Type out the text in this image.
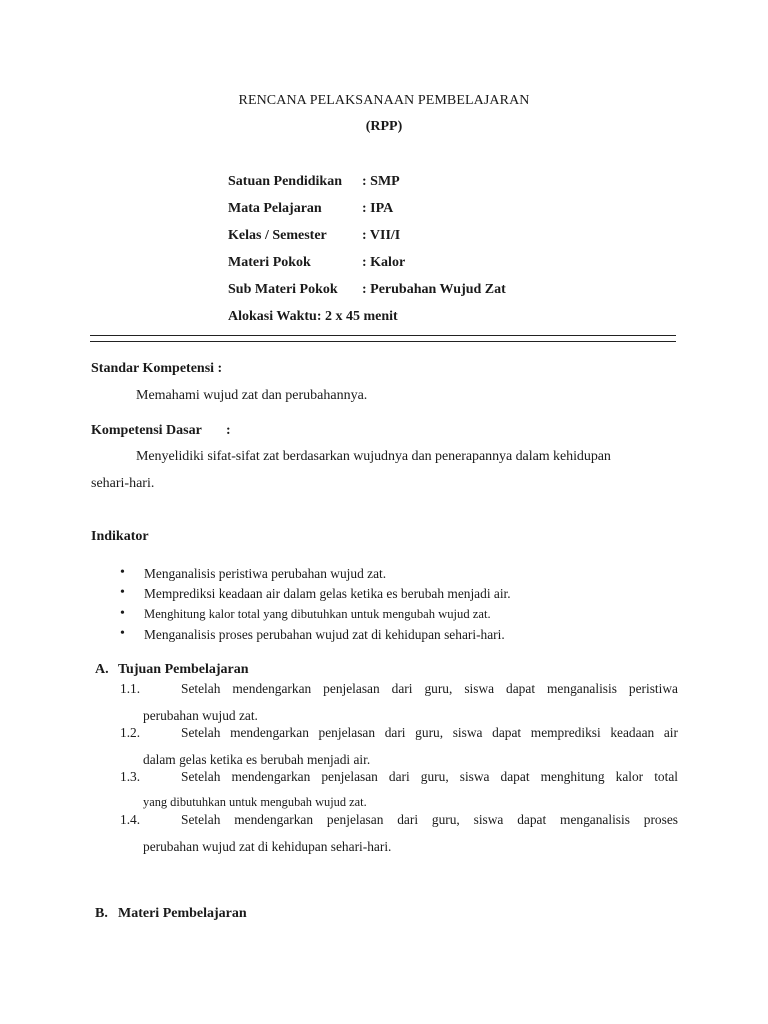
RENCANA PELAKSANAAN PEMBELAJARAN
(RPP)
Satuan Pendidikan : SMP
Mata Pelajaran	: IPA
Kelas / Semester	: VII/I
Materi Pokok	: Kalor
Sub Materi Pokok : Perubahan Wujud Zat
Alokasi Waktu: 2 x 45 menit
Standar Kompetensi :
Memahami wujud zat dan perubahannya.
Kompetensi Dasar :
Menyelidiki sifat-sifat zat berdasarkan wujudnya dan penerapannya dalam kehidupan
sehari-hari.
Indikator
• Menganalisis peristiwa perubahan wujud zat.
• Memprediksi keadaan air dalam gelas ketika es berubah menjadi air.
• Menghitung kalor total yang dibutuhkan untuk mengubah wujud zat.
• Menganalisis proses perubahan wujud zat di kehidupan sehari-hari.
A. Tujuan Pembelajaran
1.1.	Setelah mendengarkan penjelasan dari guru, siswa dapat menganalisis peristiwa
perubahan wujud zat.
1.2.	Setelah mendengarkan penjelasan dari guru, siswa dapat memprediksi keadaan air
dalam gelas ketika es berubah menjadi air.
1.3.	Setelah mendengarkan penjelasan dari guru, siswa dapat menghitung kalor total
yang dibutuhkan untuk mengubah wujud zat.
1.4.	Setelah mendengarkan penjelasan dari guru, siswa dapat menganalisis proses
perubahan wujud zat di kehidupan sehari-hari.
B. Materi Pembelajaran
